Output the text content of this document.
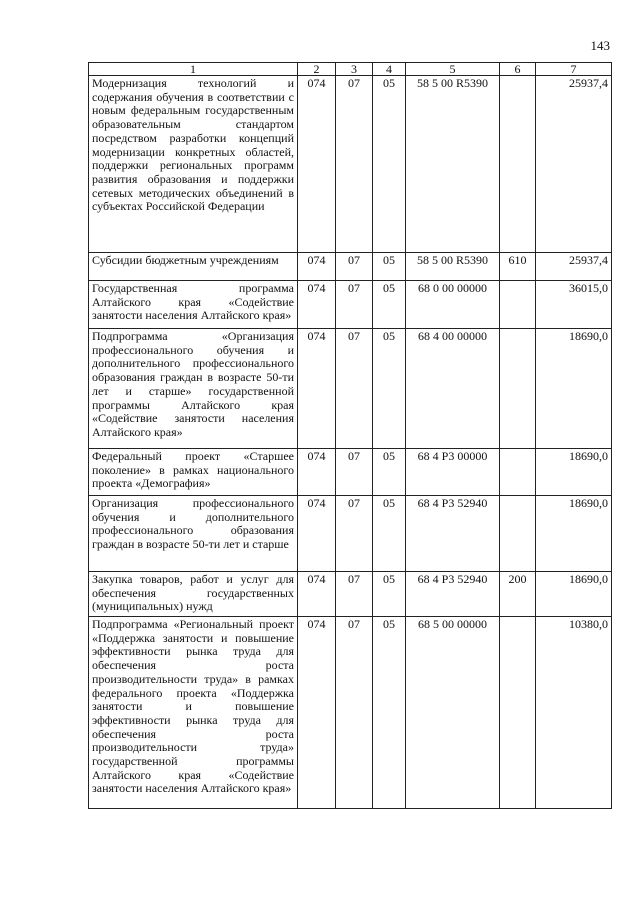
143
1	2	3	4	5	6	7
Модернизация технологий и содержания обучения в соответствии с новым федеральным государственным образовательным стандартом посредством разработки концепций модернизации конкретных областей, поддержки региональных программ развития образования и поддержки сетевых методических объединений в субъектах Российской Федерации	074	07	05	58 5 00 R5390		25937,4
Субсидии бюджетным учреждениям	074	07	05	58 5 00 R5390	610	25937,4
Государственная программа Алтайского края «Содействие занятости населения Алтайского края»	074	07	05	68 0 00 00000		36015,0
Подпрограмма «Организация профессионального обучения и дополнительного профессионального образования граждан в возрасте 50-ти лет и старше» государственной программы Алтайского края «Содействие занятости населения Алтайского края»	074	07	05	68 4 00 00000		18690,0
Федеральный проект «Старшее поколение» в рамках национального проекта «Демография»	074	07	05	68 4 P3 00000		18690,0
Организация профессионального обучения и дополнительного профессионального образования граждан в возрасте 50-ти лет и старше	074	07	05	68 4 P3 52940		18690,0
Закупка товаров, работ и услуг для обеспечения государственных (муниципальных) нужд	074	07	05	68 4 P3 52940	200	18690,0
Подпрограмма «Региональный проект «Поддержка занятости и повышение эффективности рынка труда для обеспечения роста производительности труда» в рамках федерального проекта «Поддержка занятости и повышение эффективности рынка труда для обеспечения роста производительности труда» государственной программы Алтайского края «Содействие занятости населения Алтайского края»	074	07	05	68 5 00 00000		10380,0
